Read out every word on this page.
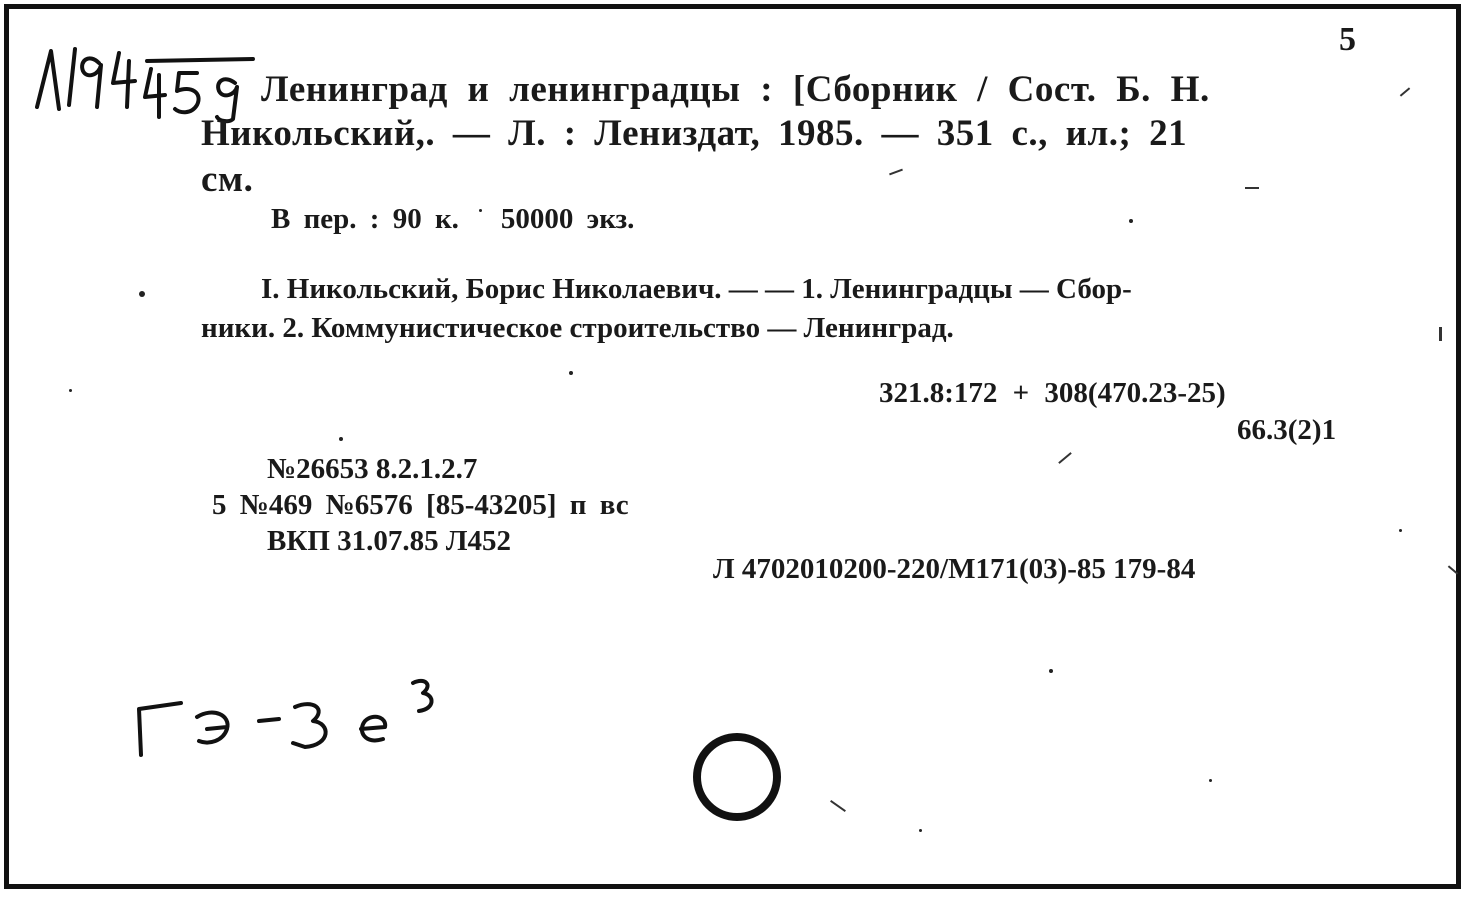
5
Ленинград и ленинградцы : [Сборник / Сост. Б. Н.
Никольский,. — Л. : Лениздат, 1985. — 351 с., ил.; 21
см.
В пер. : 90 к. 50000 экз.
I. Никольский, Борис Николаевич. — — 1. Ленинградцы — Сбор-
ники. 2. Коммунистическое строительство — Ленинград.
321.8:172 + 308(470.23-25)
66.3(2)1
№26653 8.2.1.2.7
5 №469 №6576 [85-43205] п вс
ВКП 31.07.85 Л452
Л 4702010200-220/М171(03)-85 179-84
